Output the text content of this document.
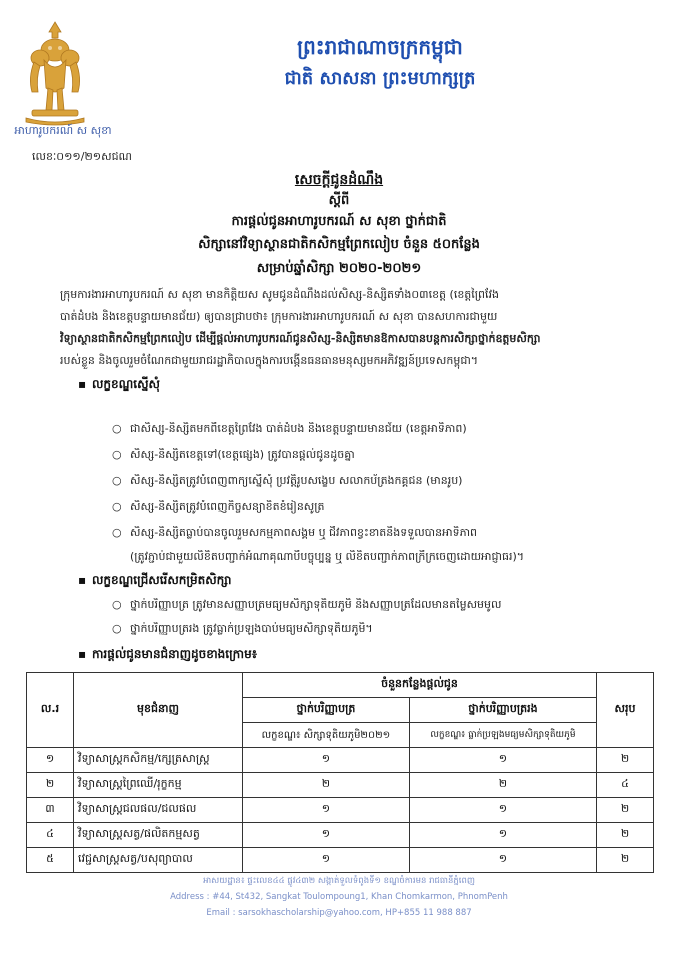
អាហារូបករណ៍ ស សុខា
លេខៈ០១១/២១សជណ
ព្រះរាជាណាចក្រកម្ពុជា
ជាតិ សាសនា ព្រះមហាក្សត្រ
សេចក្តីជូនដំណឹង
ស្តីពី
ការផ្តល់ជូនអាហារូបករណ៍ ស សុខា ថ្នាក់ជាតិ
សិក្សានៅវិទ្យាស្ថានជាតិកសិកម្មព្រែកលៀប ចំនួន ៥០កន្លែង
សម្រាប់ឆ្នាំសិក្សា ២០២០-២០២១

ក្រុមការងារអាហារូបករណ៍ ស សុខា មានកិត្តិយស សូមជូនដំណឹងដល់សិស្ស-និស្សិតទាំង០៣ខេត្ត (ខេត្តព្រៃវែង

បាត់ដំបង និងខេត្តបន្ទាយមានជ័យ) ឲ្យបានជ្រាបថា៖ ក្រុមការងារអាហារូបករណ៍ ស សុខា បានសហការជាមួយ

វិទ្យាស្ថានជាតិកសិកម្មព្រែកលៀប ដើម្បីផ្តល់អាហារូបករណ៍ជូនសិស្ស-និស្សិតមានឱកាសបានបន្តការសិក្សាថ្នាក់ឧត្តមសិក្សា

របស់ខ្លួន និងចូលរួមចំណែកជាមួយរាជរដ្ឋាភិបាលក្នុងការបង្កើនធនធានមនុស្សមកអភិវឌ្ឍន៍ប្រទេសកម្ពុជា។

▪ លក្ខខណ្ឌស្នើសុំ
○ ជាសិស្ស-និស្សិតមកពីខេត្តព្រៃវែង បាត់ដំបង និងខេត្តបន្ទាយមានជ័យ (ខេត្តអាទិភាព)
○ សិស្ស-និស្សិតខេត្តទៅ(ខេត្តផ្សេង) ត្រូវបានផ្តល់ជូនដូចគ្នា
○ សិស្ស-និស្សិតត្រូវបំពេញពាក្យស្នើសុំ ប្រវត្តិរូបសង្ខេប សលាកប័ត្រងកគ្គជន (មានរូប)
○ សិស្ស-និស្សិតត្រូវបំពេញកិច្ចសន្យាខិតខំរៀនសូត្រ
○ សិស្ស-និស្សិតធ្លាប់បានចូលរួមសកម្មភាពសង្គម ឬ ជីវភាពខ្វះខាតនឹងទទួលបានអាទិភាព
(ត្រូវភ្ជាប់ជាមួយលិខិតបញ្ជាក់អំណាគុណាបីបច្ចុប្បន្ន ឬ លិខិតបញ្ជាក់ភាពក្រីក្រចេញដោយអាជ្ញាធរ)។
▪ លក្ខខណ្ឌជ្រើសរើសកម្រិតសិក្សា
○ ថ្នាក់បរិញ្ញាបត្រ ត្រូវមានសញ្ញាបត្រមធ្យមសិក្សាទុតិយភូមិ និងសញ្ញាបត្រដែលមានតម្លៃសមមូល
○ ថ្នាក់បរិញ្ញាបត្ររង ត្រូវធ្លាក់ប្រឡងបាប់មធ្យមសិក្សាទុតិយភូមិ។
▪ ការផ្តល់ជូនមានជំនាញដូចខាងក្រោម៖
ល.រ	មុខជំនាញ	ចំនួនកន្លែងផ្តល់ជូន		សរុប
		ថ្នាក់បរិញ្ញាបត្រ	ថ្នាក់បរិញ្ញាបត្ររង	
		លក្ខខណ្ឌ៖ សិក្សាទុតិយភូមិ២០២១	លក្ខខណ្ឌ៖ ធ្លាក់ប្រឡងមធ្យមសិក្សាទុតិយភូមិ	
១	វិទ្យាសាស្ត្រកសិកម្ម/ក្សេត្រសាស្ត្រ	១	១	២
២	វិទ្យាសាស្ត្រព្រៃឈើ/រុក្ខកម្ម	២	២	៤
៣	វិទ្យាសាស្ត្រជលផល/ជលផល	១	១	២
៤	វិទ្យាសាស្ត្រសត្វ/ផលិតកម្មសត្វ	១	១	២
៥	វេជ្ជសាស្ត្រសត្វ/បសុព្យាបាល	១	១	២
អាសយដ្ឋាន៖ ផ្ទះលេខ៤៤ ផ្លូវ៤៣២ សង្កាត់ទួលទំពូងទី១ ខណ្ឌចំការមន រាជធានីភ្នំពេញ
Address : #44, St432, Sangkat Toulompoung1, Khan Chomkarmon, PhnomPenh
Email : sarsokhascholarship@yahoo.com, HP+855 11 988 887
